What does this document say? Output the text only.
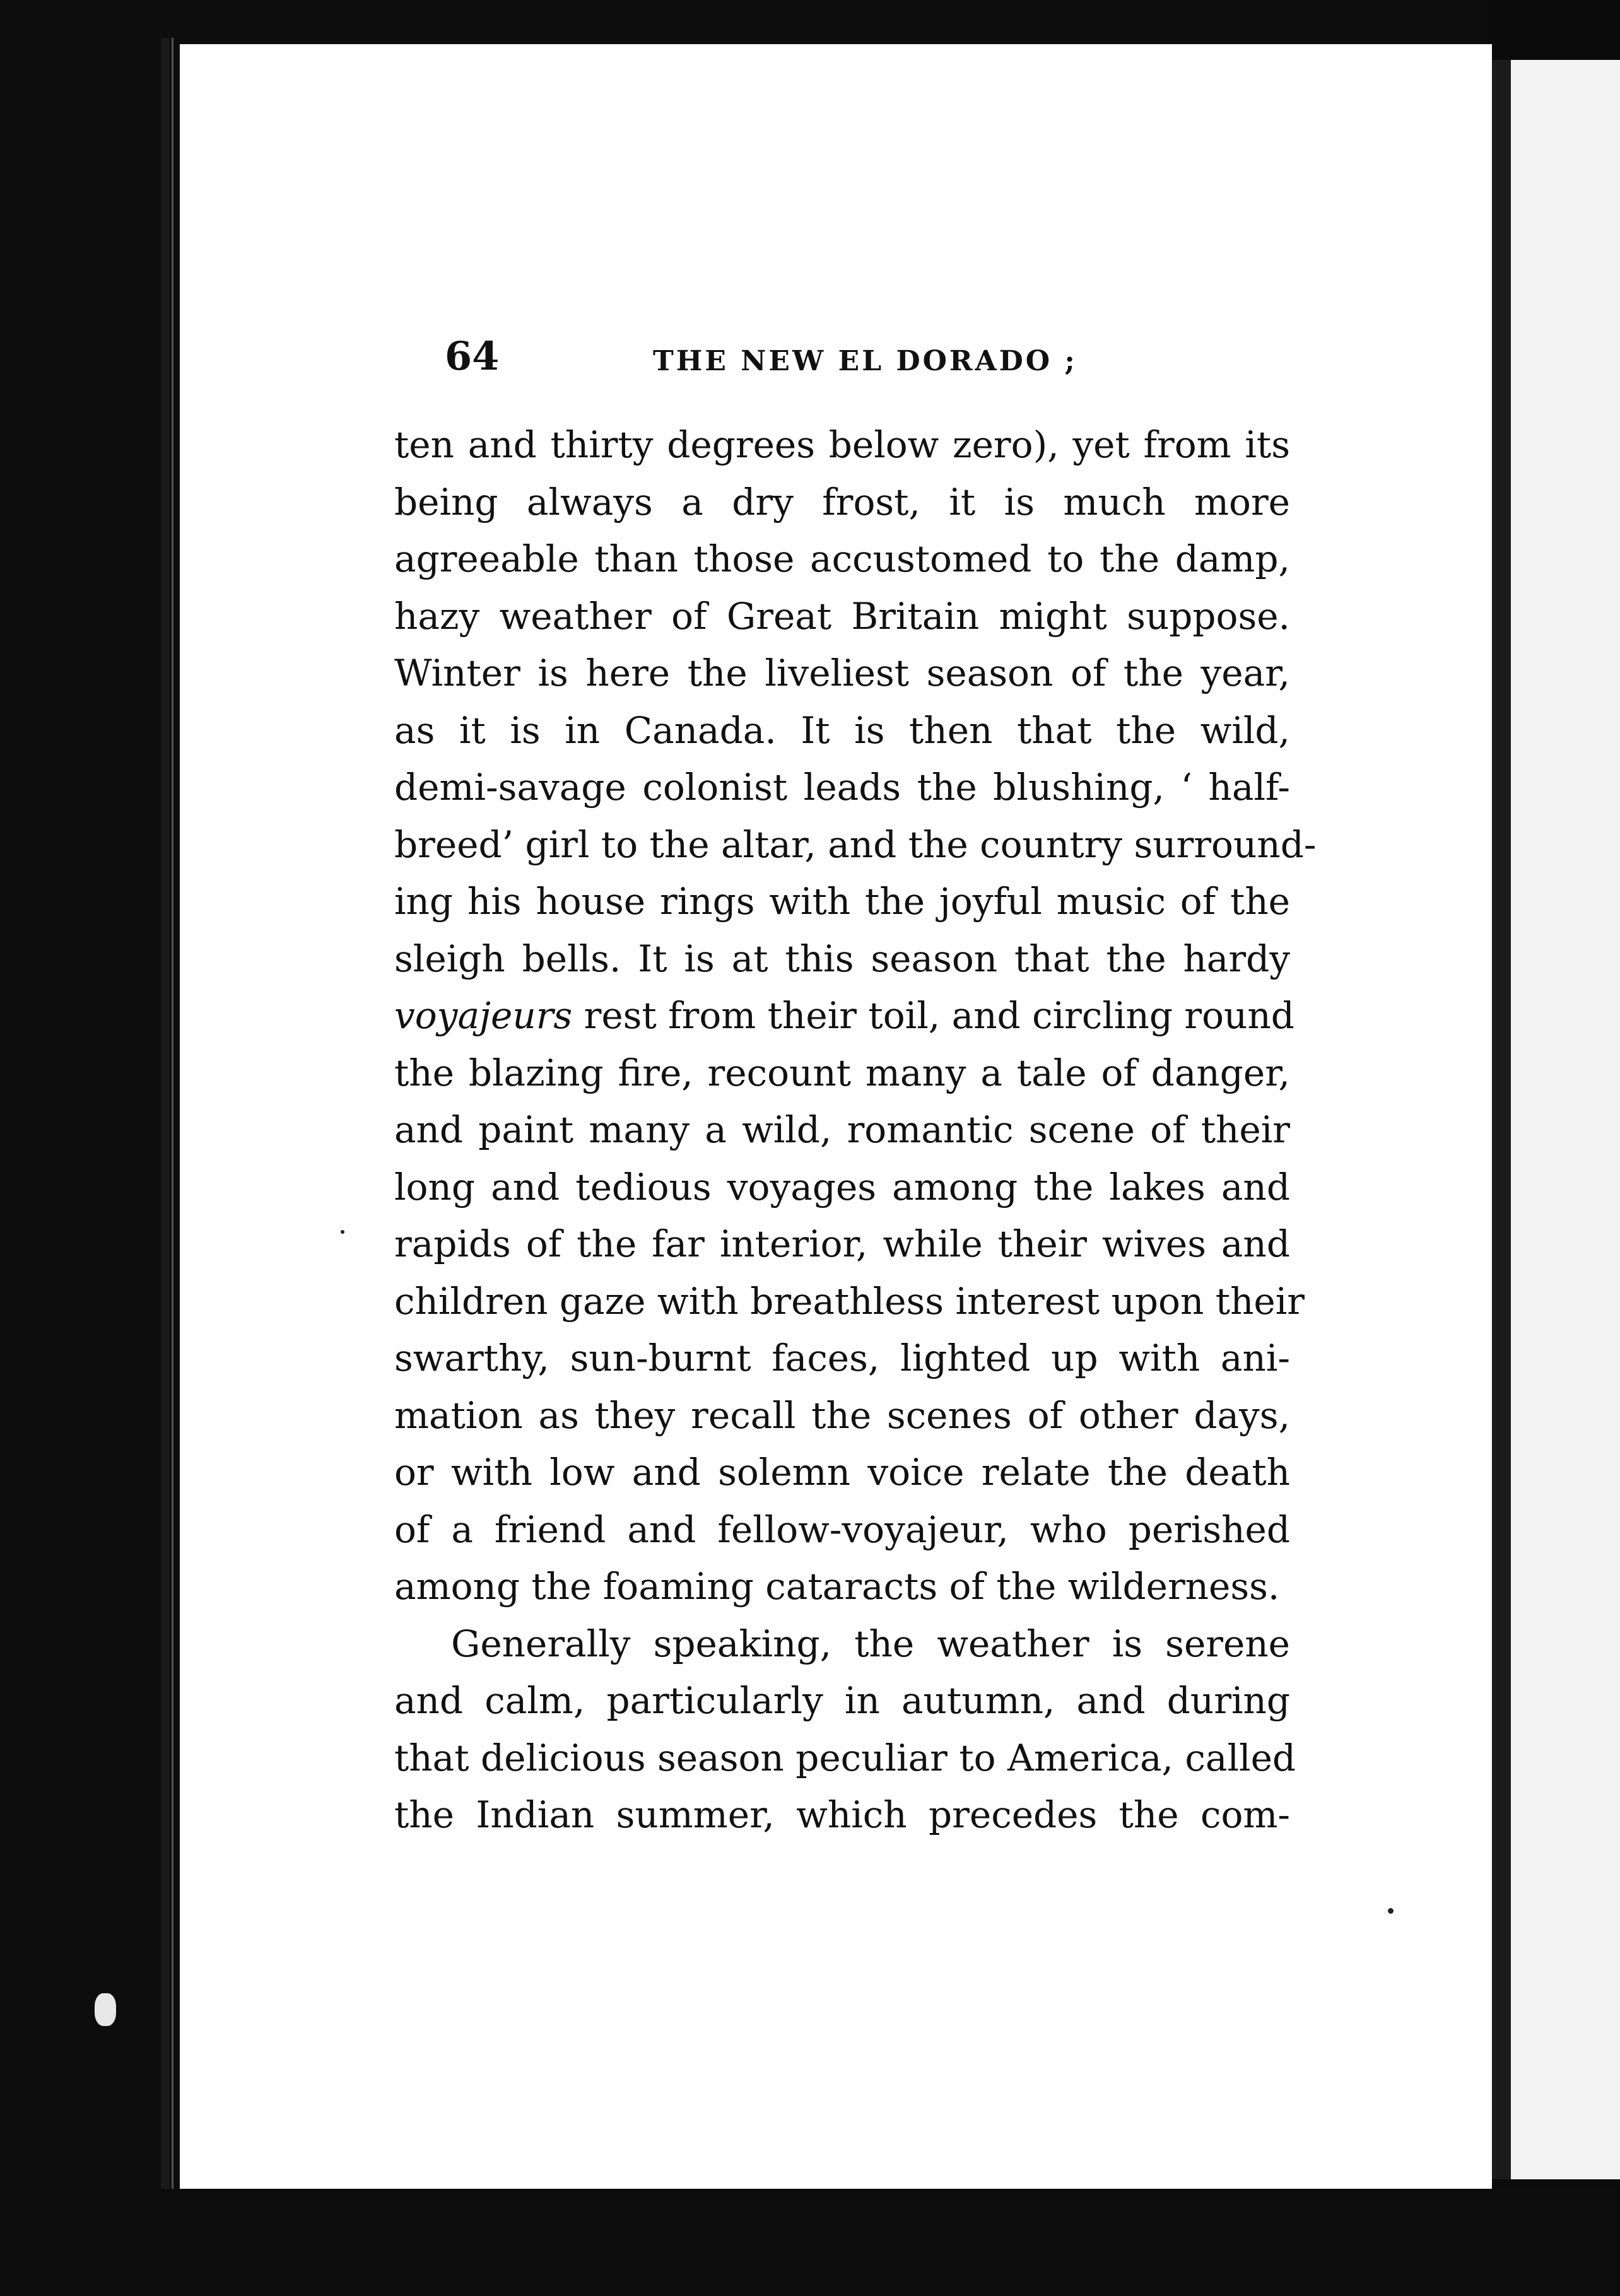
64	THE NEW EL DORADO ;
ten and thirty degrees below zero), yet from its
being always a dry frost, it is much more
agreeable than those accustomed to the damp,
hazy weather of Great Britain might suppose.
Winter is here the liveliest season of the year,
as it is in Canada. It is then that the wild,
demi-savage colonist leads the blushing, ‘ half-
breed’ girl to the altar, and the country surround-
ing his house rings with the joyful music of the
sleigh bells. It is at this season that the hardy
voyajeurs rest from their toil, and circling round
the blazing fire, recount many a tale of danger,
and paint many a wild, romantic scene of their
long and tedious voyages among the lakes and
rapids of the far interior, while their wives and
children gaze with breathless interest upon their
swarthy, sun-burnt faces, lighted up with ani-
mation as they recall the scenes of other days,
or with low and solemn voice relate the death
of a friend and fellow-voyajeur, who perished
among the foaming cataracts of the wilderness.
Generally speaking, the weather is serene
and calm, particularly in autumn, and during
that delicious season peculiar to America, called
the Indian summer, which precedes the com-
